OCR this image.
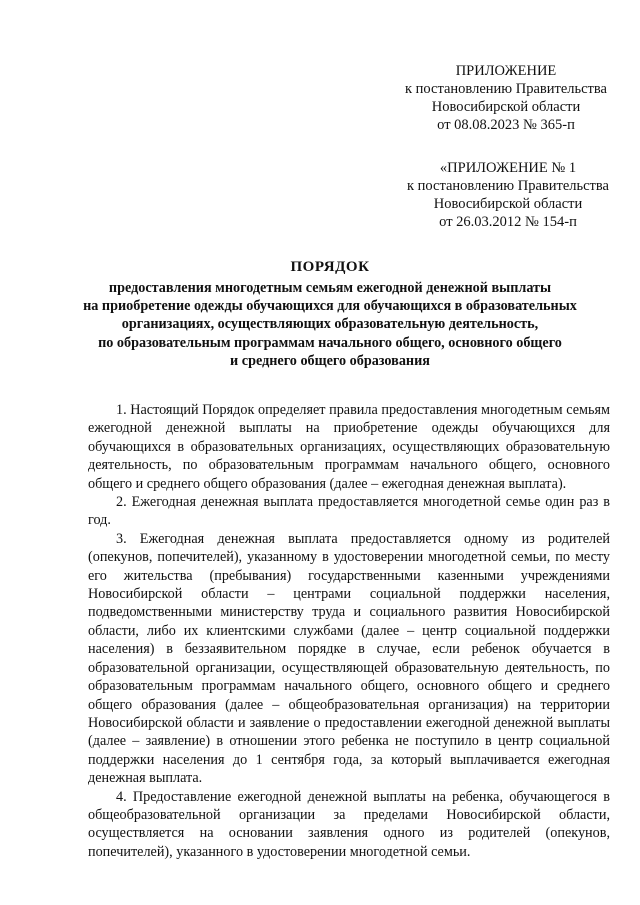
ПРИЛОЖЕНИЕ
к постановлению Правительства
Новосибирской области
от 08.08.2023 № 365-п
«ПРИЛОЖЕНИЕ № 1
к постановлению Правительства
Новосибирской области
от 26.03.2012 № 154-п
ПОРЯДОК
предоставления многодетным семьям ежегодной денежной выплаты
на приобретение одежды обучающихся для обучающихся в образовательных
организациях, осуществляющих образовательную деятельность,
по образовательным программам начального общего, основного общего
и среднего общего образования

1. Настоящий Порядок определяет правила предоставления многодетным семьям ежегодной денежной выплаты на приобретение одежды обучающихся для обучающихся в образовательных организациях, осуществляющих образовательную деятельность, по образовательным программам начального общего, основного общего и среднего общего образования (далее – ежегодная денежная выплата).

2. Ежегодная денежная выплата предоставляется многодетной семье один раз в год.

3. Ежегодная денежная выплата предоставляется одному из родителей (опекунов, попечителей), указанному в удостоверении многодетной семьи, по месту его жительства (пребывания) государственными казенными учреждениями Новосибирской области – центрами социальной поддержки населения, подведомственными министерству труда и социального развития Новосибирской области, либо их клиентскими службами (далее – центр социальной поддержки населения) в беззаявительном порядке в случае, если ребенок обучается в образовательной организации, осуществляющей образовательную деятельность, по образовательным программам начального общего, основного общего и среднего общего образования (далее – общеобразовательная организация) на территории Новосибирской области и заявление о предоставлении ежегодной денежной выплаты (далее – заявление) в отношении этого ребенка не поступило в центр социальной поддержки населения до 1 сентября года, за который выплачивается ежегодная денежная выплата.

4. Предоставление ежегодной денежной выплаты на ребенка, обучающегося в общеобразовательной организации за пределами Новосибирской области, осуществляется на основании заявления одного из родителей (опекунов, попечителей), указанного в удостоверении многодетной семьи.
